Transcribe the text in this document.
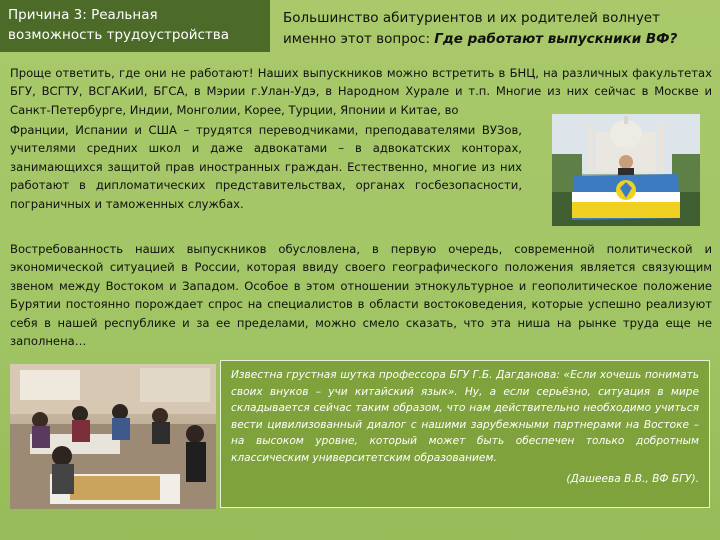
Причина 3: Реальная
возможность трудоустройства
Большинство абитуриентов и их родителей волнует
именно этот вопрос: Где работают выпускники ВФ?
Проще ответить, где они не работают! Наших выпускников можно встретить в БНЦ, на различных факультетах БГУ, ВСГТУ, ВСГАКиИ, БГСА, в Мэрии г.Улан-Удэ, в Народном Хурале и т.п. Многие из них сейчас в Москве и Санкт-Петербурге, Индии, Монголии, Корее, Турции, Японии и Китае, во
Франции, Испании и США – трудятся переводчиками, преподавателями ВУЗов, учителями средних школ и даже адвокатами – в адвокатских конторах, занимающихся защитой прав иностранных граждан. Естественно, многие из них работают в дипломатических представительствах, органах госбезопасности, пограничных и таможенных службах.
Востребованность наших выпускников обусловлена, в первую очередь, современной политической и экономической ситуацией в России, которая ввиду своего географического положения является связующим звеном между Востоком и Западом. Особое в этом отношении этнокультурное и геополитическое положение Бурятии постоянно порождает спрос на специалистов в области востоковедения, которые успешно реализуют себя в нашей республике и за ее пределами, можно смело сказать, что эта ниша на рынке труда еще не заполнена…
Известна грустная шутка профессора БГУ Г.Б. Дагданова: «Если хочешь понимать своих внуков – учи китайский язык». Ну, а если серьёзно, ситуация в мире складывается сейчас таким образом, что нам действительно необходимо учиться вести цивилизованный диалог с нашими зарубежными партнерами на Востоке – на высоком уровне, который может быть обеспечен только добротным классическим университетским образованием.
(Дашеева В.В., ВФ БГУ).
